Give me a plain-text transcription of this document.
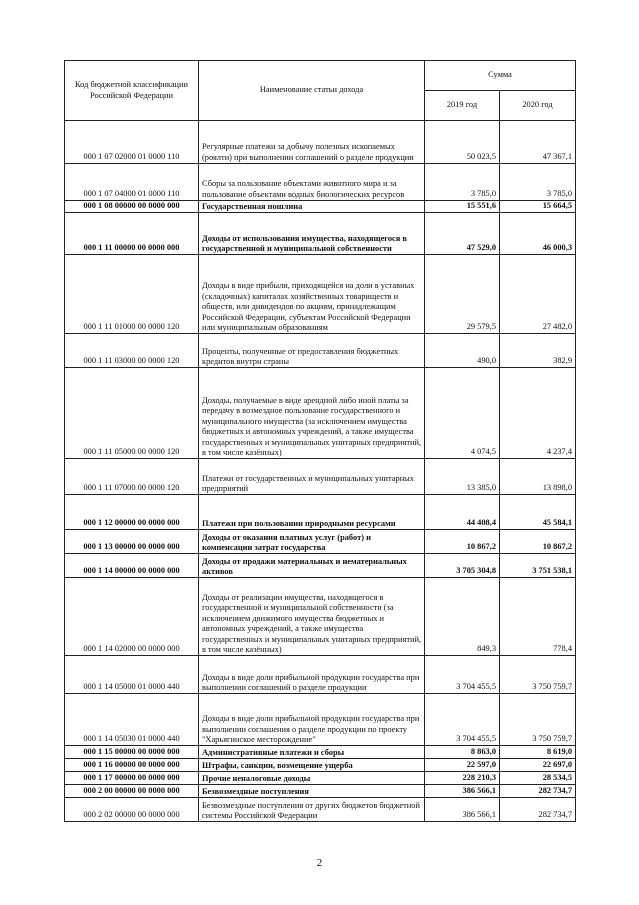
Код бюджетной классификации Российской Федерации	Наименование статьи дохода	Сумма	
		2019 год	2020 год
000 1 07 02000 01 0000 110	Регулярные платежи за добычу полезных ископаемых (роялти) при выполнении соглашений о разделе продукции	50 023,5	47 367,1
000 1 07 04000 01 0000 110	Сборы за пользование объектами животного мира и за пользование объектами водных биологических ресурсов	3 785,0	3 785,0
000 1 08 00000 00 0000 000	Государственная пошлина	15 551,6	15 664,5
000 1 11 00000 00 0000 000	Доходы от использования имущества, находящегося в государственной и муниципальной собственности	47 529,0	46 000,3
000 1 11 01000 00 0000 120	Доходы в виде прибыли, приходящейся на доли в уставных (складочных) капиталах хозяйственных товариществ и обществ, или дивидендов по акциям, принадлежащим Российской Федерации, субъектам Российской Федерации или муниципальным образованиям	29 579,5	27 482,0
000 1 11 03000 00 0000 120	Проценты, полученные от предоставления бюджетных кредитов внутри страны	490,0	382,9
000 1 11 05000 00 0000 120	Доходы, получаемые в виде арендной либо иной платы за передачу в возмездное пользование государственного и муниципального имущества (за исключением имущества бюджетных и автономных учреждений, а также имущества государственных и муниципальных унитарных предприятий, в том числе казённых)	4 074,5	4 237,4
000 1 11 07000 00 0000 120	Платежи от государственных и муниципальных унитарных предприятий	13 385,0	13 898,0
000 1 12 00000 00 0000 000	Платежи при пользовании природными ресурсами	44 408,4	45 584,1
000 1 13 00000 00 0000 000	Доходы от оказания платных услуг (работ) и компенсации затрат государства	10 867,2	10 867,2
000 1 14 00000 00 0000 000	Доходы от продажи материальных и нематериальных активов	3 705 304,8	3 751 538,1
000 1 14 02000 00 0000 000	Доходы от реализации имущества, находящегося в государственной и муниципальной собственности (за исключением движимого имущества бюджетных и автономных учреждений, а также имущества государственных и муниципальных унитарных предприятий, в том числе казённых)	849,3	778,4
000 1 14 05000 01 0000 440	Доходы в виде доли прибыльной продукции государства при выполнении соглашений о разделе продукции	3 704 455,5	3 750 759,7
000 1 14 05030 01 0000 440	Доходы в виде доли прибыльной продукции государства при выполнении соглашения о разделе продукции по проекту "Харьягинское месторождение"	3 704 455,5	3 750 759,7
000 1 15 00000 00 0000 000	Административные платежи и сборы	8 863,0	8 619,0
000 1 16 00000 00 0000 000	Штрафы, санкции, возмещение ущерба	22 597,0	22 697,0
000 1 17 00000 00 0000 000	Прочие неналоговые доходы	228 210,3	28 534,5
000 2 00 00000 00 0000 000	Безвозмездные поступления	386 566,1	282 734,7
000 2 02 00000 00 0000 000	Безвозмездные поступления от других бюджетов бюджетной системы Российской Федерации	386 566,1	282 734,7
2
